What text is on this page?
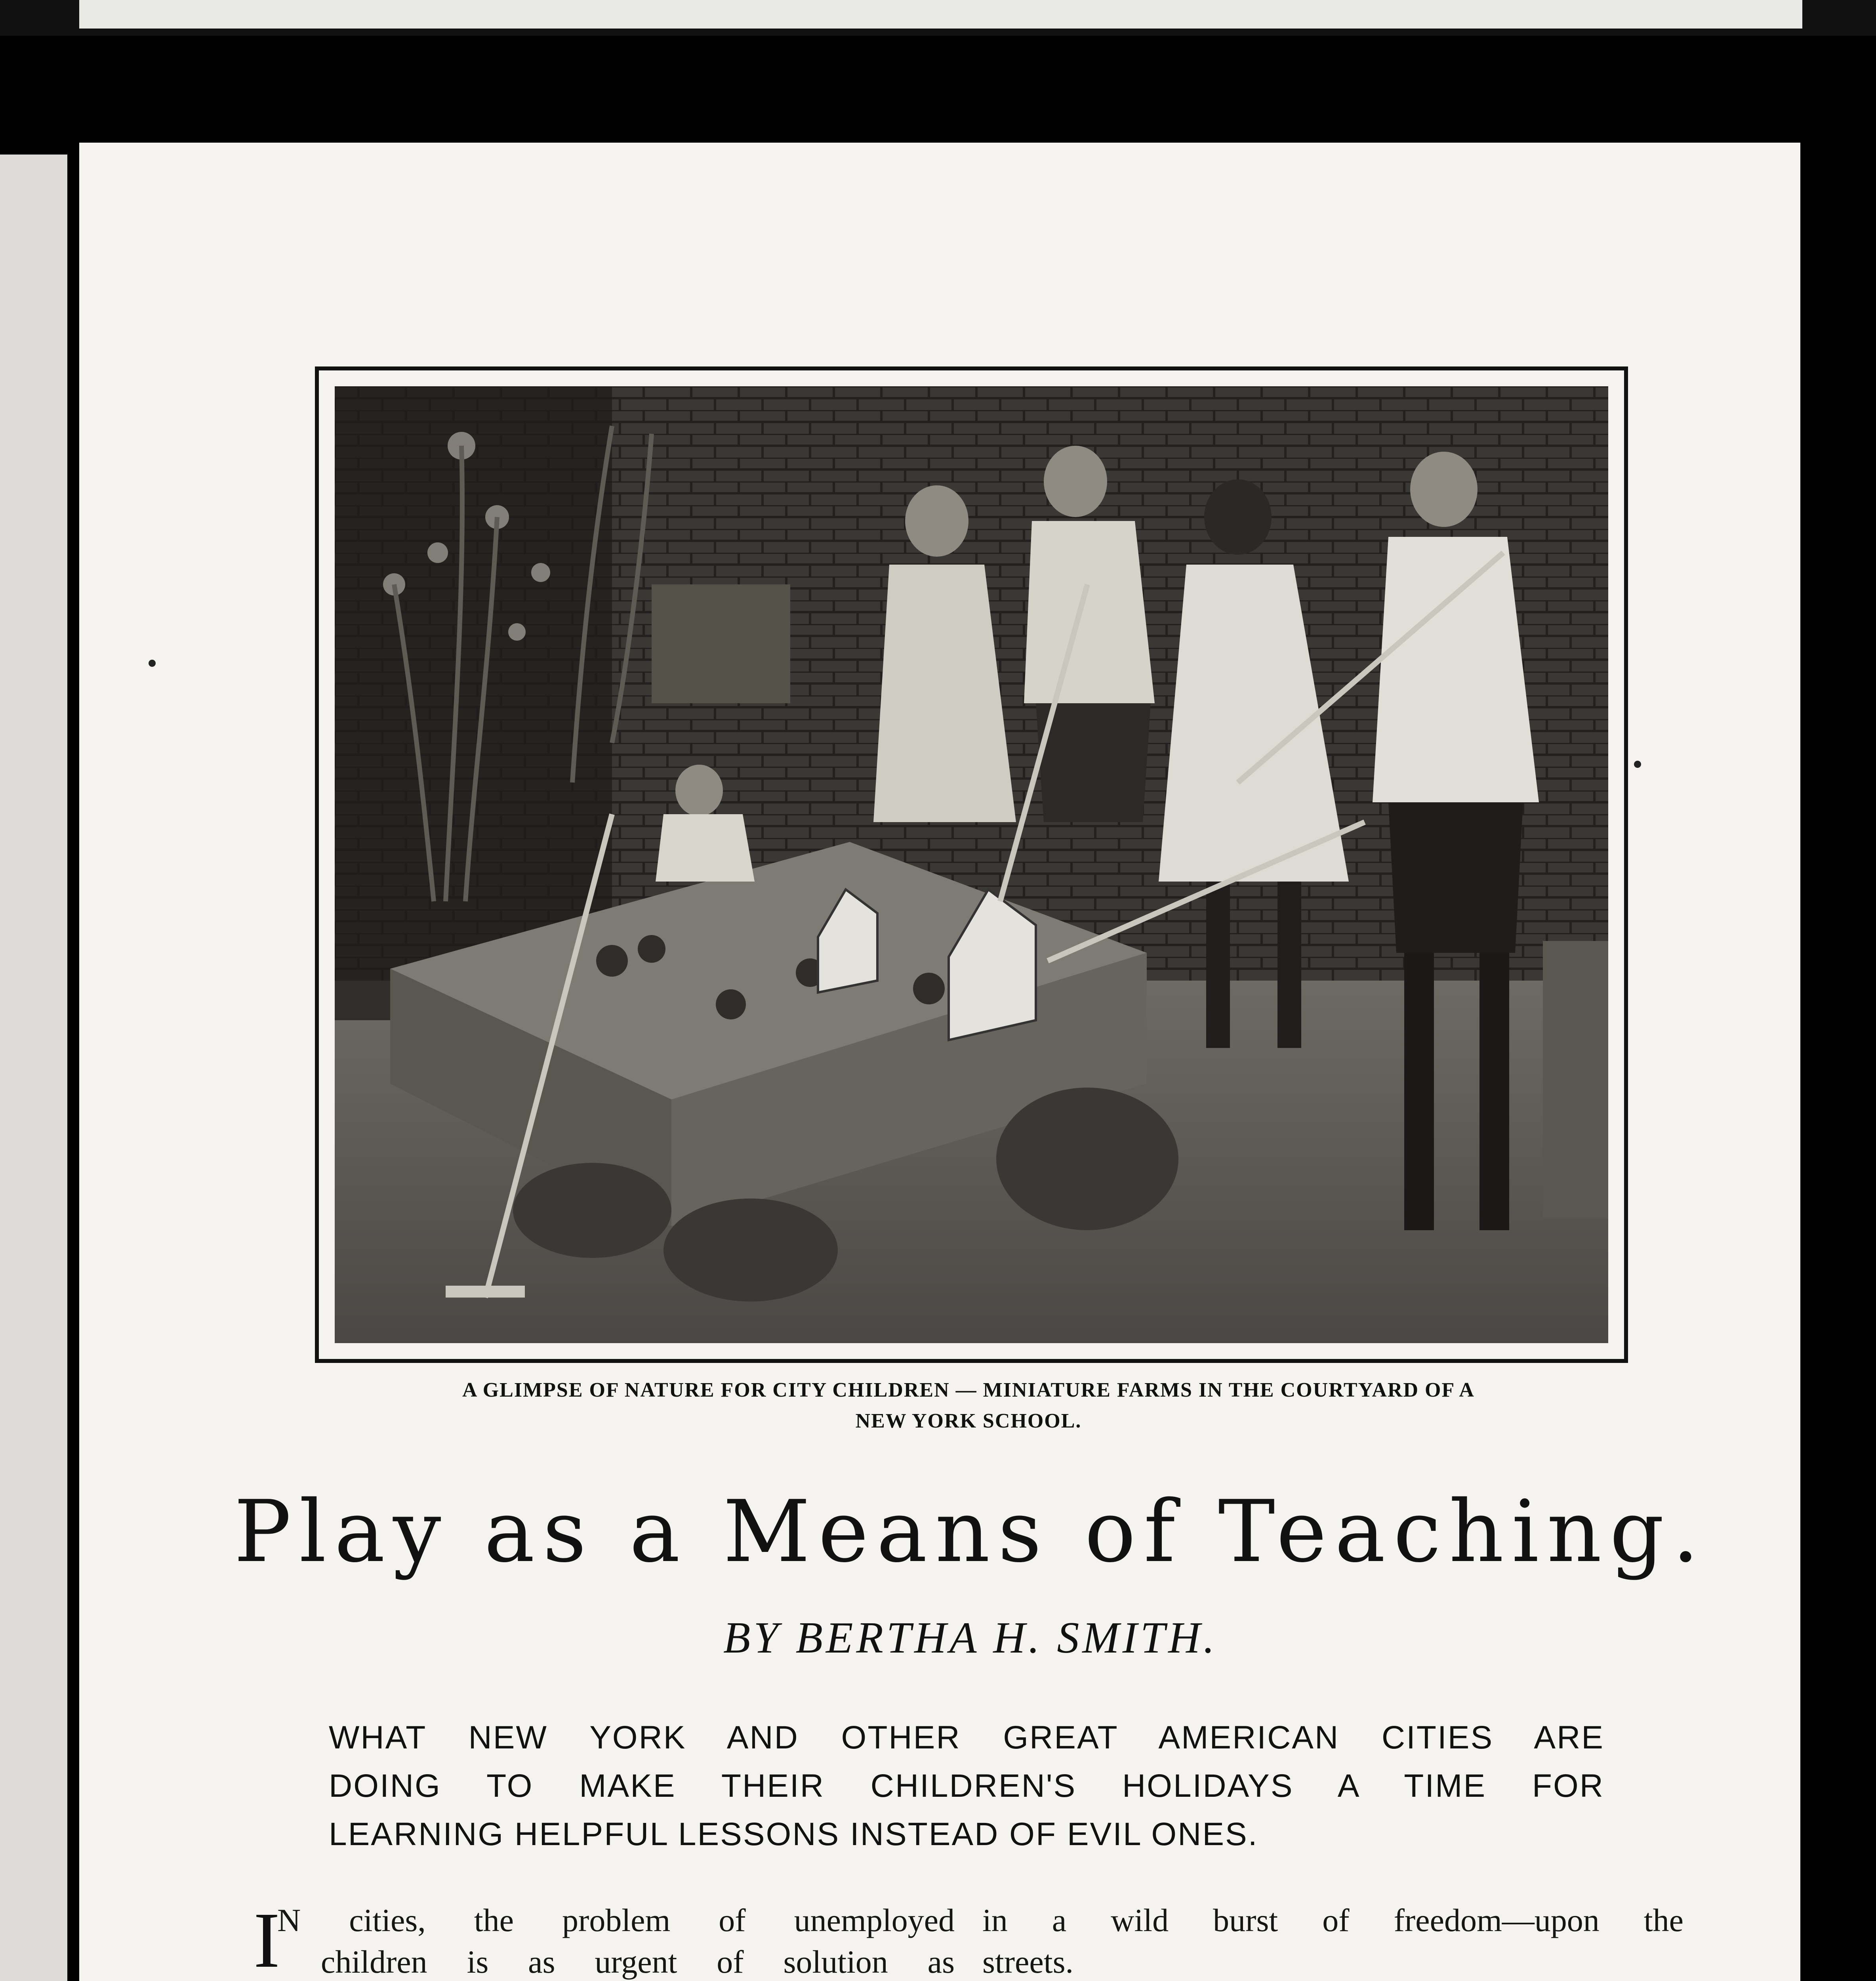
A GLIMPSE OF NATURE FOR CITY CHILDREN — MINIATURE FARMS IN THE COURTYARD OF A
NEW YORK SCHOOL.
Play as a Means of Teaching.
BY BERTHA H. SMITH.
WHAT NEW YORK AND OTHER GREAT AMERICAN CITIES ARE
DOING TO MAKE THEIR CHILDREN'S HOLIDAYS A TIME FOR
LEARNING HELPFUL LESSONS INSTEAD OF EVIL ONES.
I
N cities, the problem of unemployed
children is as urgent of solution as
in a wild burst of freedom—upon the
streets.
